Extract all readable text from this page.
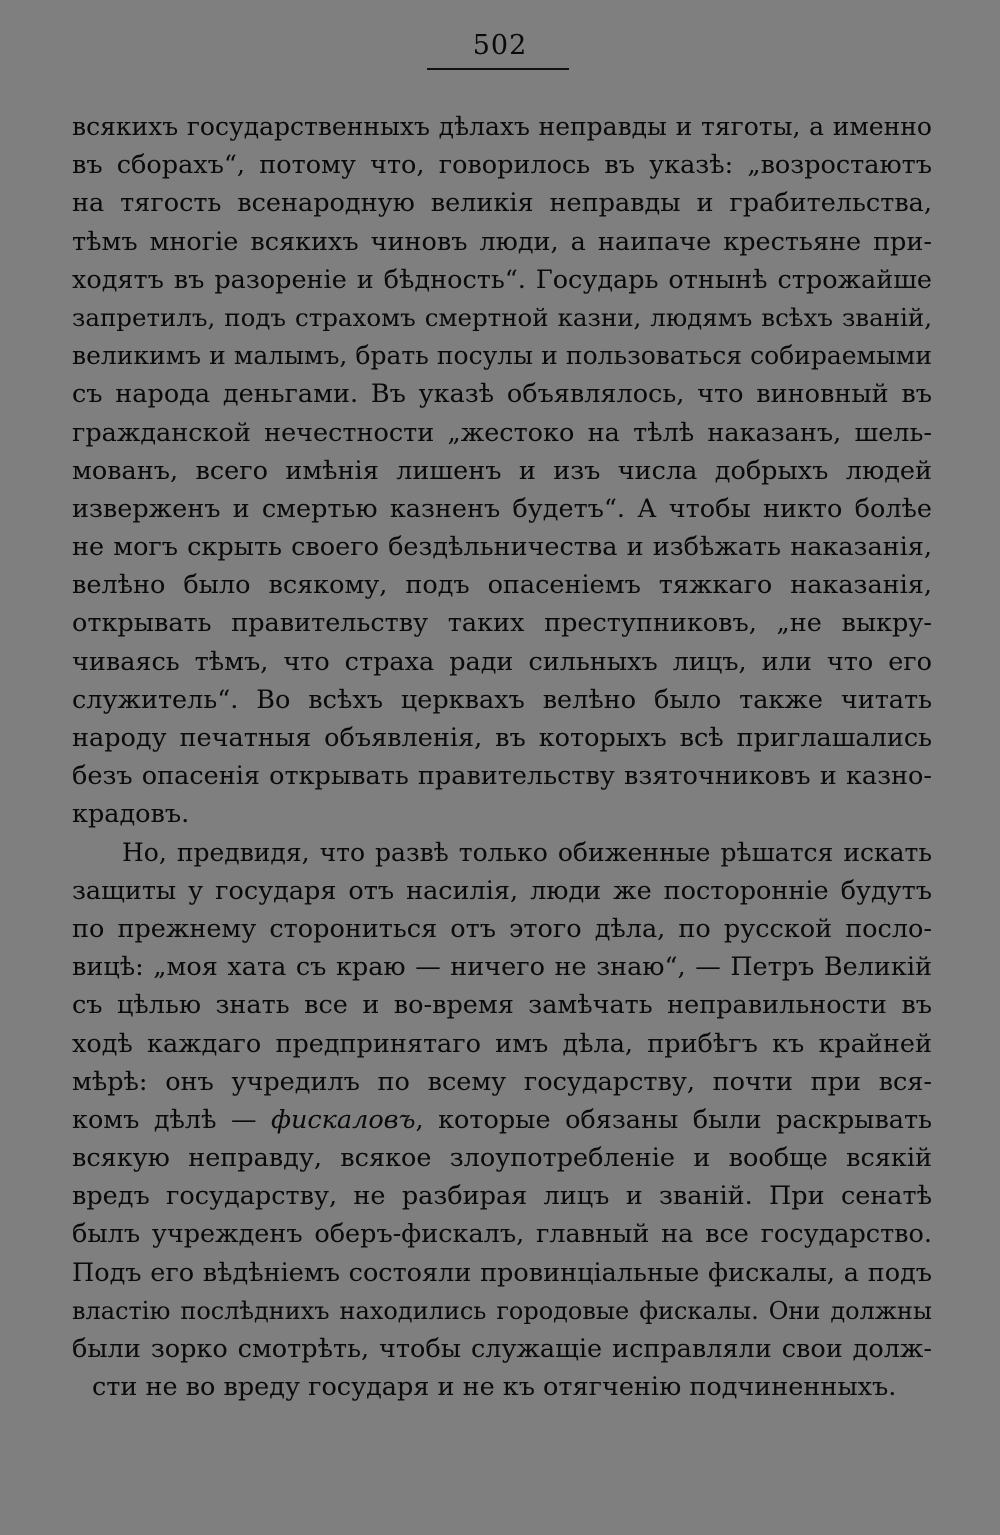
502
всякихъ государственныхъ дѣлахъ неправды и тяготы, а именно
въ сборахъ“, потому что, говорилось въ указѣ: „возростаютъ
на тягость всенародную великія неправды и грабительства,
тѣмъ многіе всякихъ чиновъ люди, а наипаче крестьяне при-
ходятъ въ разореніе и бѣдность“. Государь отнынѣ строжайше
запретилъ, подъ страхомъ смертной казни, людямъ всѣхъ званій,
великимъ и малымъ, брать посулы и пользоваться собираемыми
съ народа деньгами. Въ указѣ объявлялось, что виновный въ
гражданской нечестности „жестоко на тѣлѣ наказанъ, шель-
мованъ, всего имѣнія лишенъ и изъ числа добрыхъ людей
изверженъ и смертью казненъ будетъ“. А чтобы никто болѣе
не могъ скрыть своего бездѣльничества и избѣжать наказанія,
велѣно было всякому, подъ опасеніемъ тяжкаго наказанія,
открывать правительству таких преступниковъ, „не выкру-
чиваясь тѣмъ, что страха ради сильныхъ лицъ, или что его
служитель“. Во всѣхъ церквахъ велѣно было также читать
народу печатныя объявленія, въ которыхъ всѣ приглашались
безъ опасенія открывать правительству взяточниковъ и казно-
крадовъ.
Но, предвидя, что развѣ только обиженные рѣшатся искать
защиты у государя отъ насилія, люди же посторонніе будутъ
по прежнему сторониться отъ этого дѣла, по русской посло-
вицѣ: „моя хата съ краю — ничего не знаю“, — Петръ Великій
съ цѣлью знать все и во-время замѣчать неправильности въ
ходѣ каждаго предпринятаго имъ дѣла, прибѣгъ къ крайней
мѣрѣ: онъ учредилъ по всему государству, почти при вся-
комъ дѣлѣ — фискаловъ, которые обязаны были раскрывать
всякую неправду, всякое злоупотребленіе и вообще всякій
вредъ государству, не разбирая лицъ и званій. При сенатѣ
былъ учрежденъ оберъ-фискалъ, главный на все государство.
Подъ его вѣдѣніемъ состояли провинціальные фискалы, а подъ
властію послѣднихъ находились городовые фискалы. Они должны
были зорко смотрѣть, чтобы служащіе исправляли свои долж-
сти не во вреду государя и не къ отягченію подчиненныхъ.
